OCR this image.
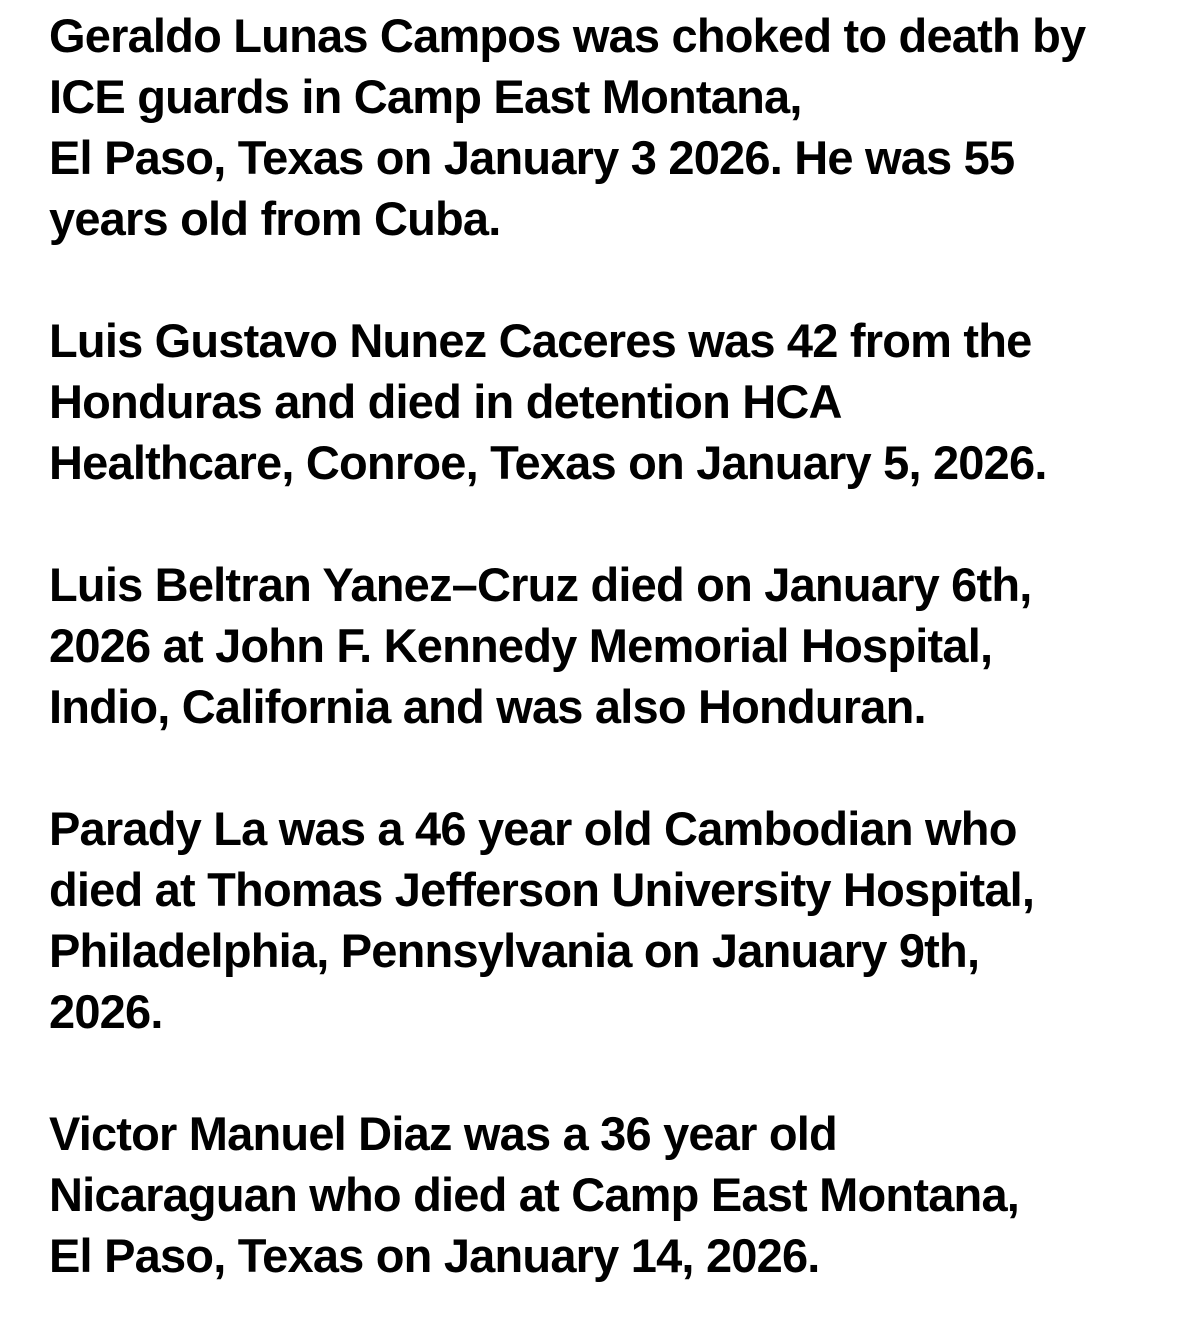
Geraldo Lunas Campos was choked to death by
ICE guards in Camp East Montana,
El Paso, Texas on January 3 2026. He was 55
years old from Cuba.

Luis Gustavo Nunez Caceres was 42 from the
Honduras and died in detention HCA
Healthcare, Conroe, Texas on January 5, 2026.

Luis Beltran Yanez–Cruz died on January 6th,
2026 at John F. Kennedy Memorial Hospital,
Indio, California and was also Honduran.

Parady La was a 46 year old Cambodian who
died at Thomas Jefferson University Hospital,
Philadelphia, Pennsylvania on January 9th,
2026.

Victor Manuel Diaz was a 36 year old
Nicaraguan who died at Camp East Montana,
El Paso, Texas on January 14, 2026.
